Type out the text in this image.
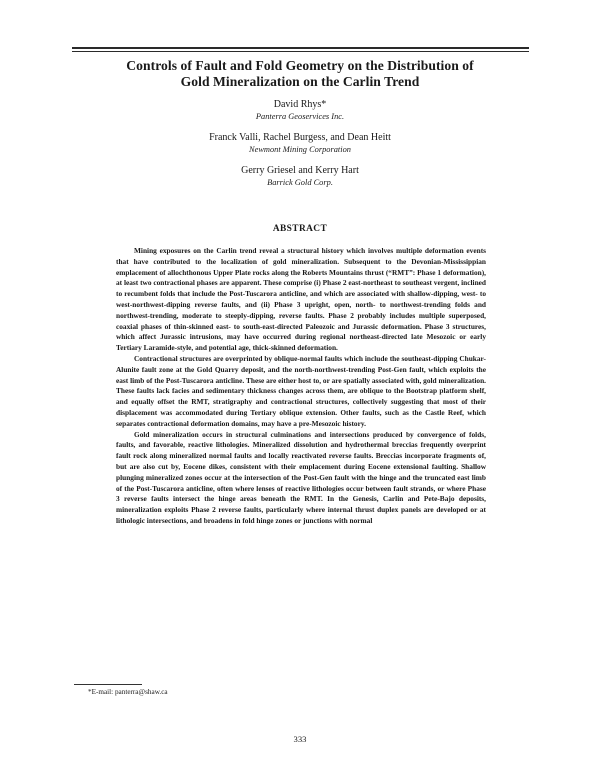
Controls of Fault and Fold Geometry on the Distribution of
Gold Mineralization on the Carlin Trend
David Rhys*
Panterra Geoservices Inc.
Franck Valli, Rachel Burgess, and Dean Heitt
Newmont Mining Corporation
Gerry Griesel and Kerry Hart
Barrick Gold Corp.
ABSTRACT

Mining exposures on the Carlin trend reveal a structural history which involves multiple deformation events that have contributed to the localization of gold mineralization. Subsequent to the Devonian-Mississippian emplacement of allochthonous Upper Plate rocks along the Roberts Mountains thrust (“RMT”: Phase 1 deformation), at least two contractional phases are apparent. These comprise (i) Phase 2 east-northeast to southeast vergent, inclined to recumbent folds that include the Post-Tuscarora anticline, and which are associated with shallow-dipping, west- to west-northwest-dipping reverse faults, and (ii) Phase 3 upright, open, north- to northwest-trending folds and northwest-trending, moderate to steeply-dipping, reverse faults. Phase 2 probably includes multiple superposed, coaxial phases of thin-skinned east- to south-east-directed Paleozoic and Jurassic deformation. Phase 3 structures, which affect Jurassic intrusions, may have occurred during regional northeast-directed late Mesozoic or early Tertiary Laramide-style, and potential age, thick-skinned deformation.

Contractional structures are overprinted by oblique-normal faults which include the southeast-dipping Chukar-Alunite fault zone at the Gold Quarry deposit, and the north-northwest-trending Post-Gen fault, which exploits the east limb of the Post-Tuscarora anticline. These are either host to, or are spatially associated with, gold mineralization. These faults lack facies and sedimentary thickness changes across them, are oblique to the Bootstrap platform shelf, and equally offset the RMT, stratigraphy and contractional structures, collectively suggesting that most of their displacement was accommodated during Tertiary oblique extension. Other faults, such as the Castle Reef, which separates contractional deformation domains, may have a pre-Mesozoic history.

Gold mineralization occurs in structural culminations and intersections produced by convergence of folds, faults, and favorable, reactive lithologies. Mineralized dissolution and hydrothermal breccias frequently overprint fault rock along mineralized normal faults and locally reactivated reverse faults. Breccias incorporate fragments of, but are also cut by, Eocene dikes, consistent with their emplacement during Eocene extensional faulting. Shallow plunging mineralized zones occur at the intersection of the Post-Gen fault with the hinge and the truncated east limb of the Post-Tuscarora anticline, often where lenses of reactive lithologies occur between fault strands, or where Phase 3 reverse faults intersect the hinge areas beneath the RMT. In the Genesis, Carlin and Pete-Bajo deposits, mineralization exploits Phase 2 reverse faults, particularly where internal thrust duplex panels are developed or at lithologic intersections, and broadens in fold hinge zones or junctions with normal

*E-mail: panterra@shaw.ca
333
